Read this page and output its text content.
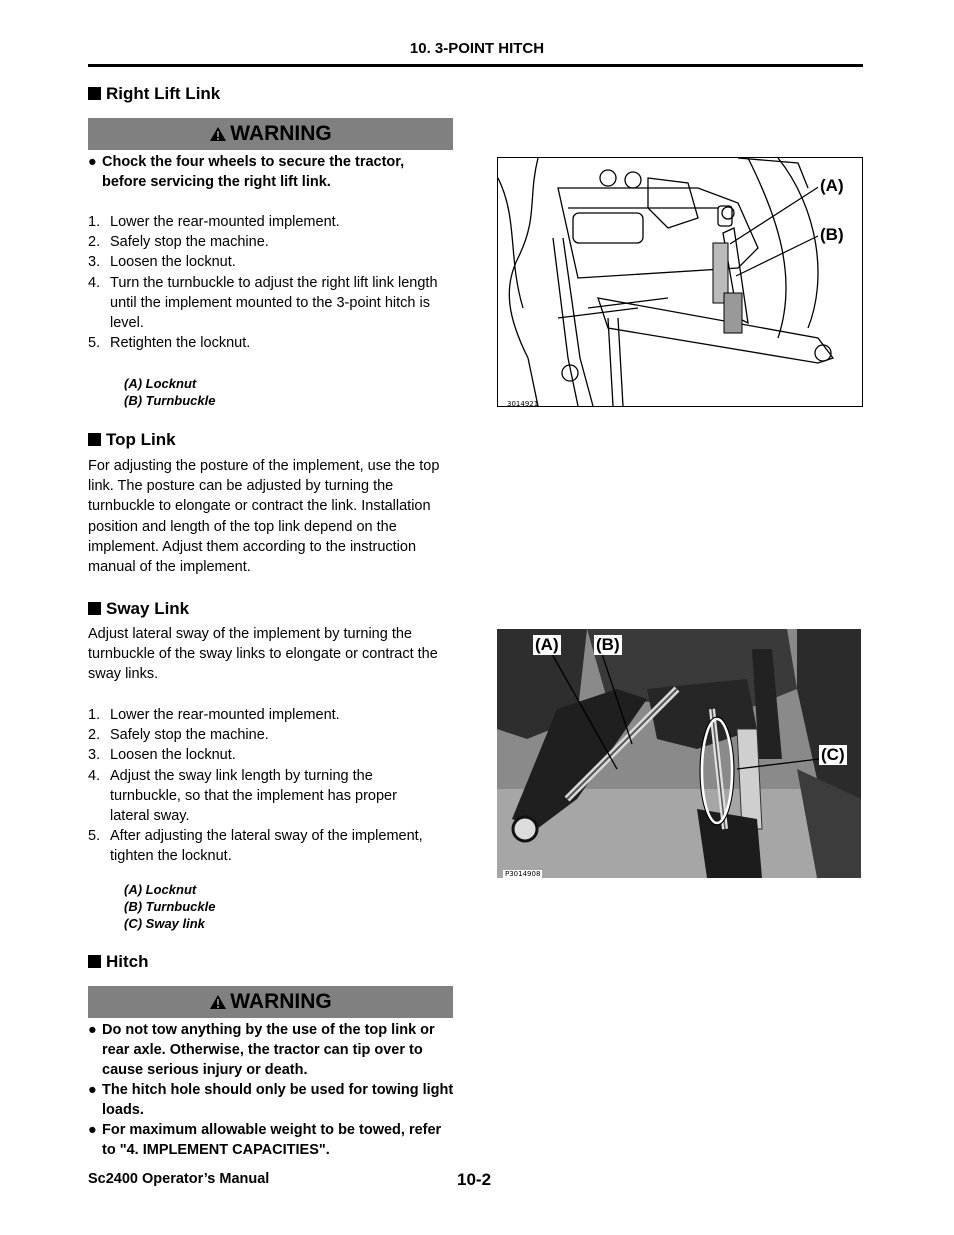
10. 3-POINT HITCH
Right Lift Link
WARNING
● Chock the four wheels to secure the tractor, before servicing the right lift link.
1. Lower the rear-mounted implement.
2. Safely stop the machine.
3. Loosen the locknut.
4. Turn the turnbuckle to adjust the right lift link length until the implement mounted to the 3-point hitch is level.
5. Retighten the locknut.
(A) Locknut
(B) Turnbuckle
(A)
(B)
3014921
Top Link
For adjusting the posture of the implement, use the top link. The posture can be adjusted by turning the turnbuckle to elongate or contract the link. Installation position and length of the top link depend on the implement. Adjust them according to the instruction manual of the implement.
Sway Link
Adjust lateral sway of the implement by turning the turnbuckle of the sway links to elongate or contract the sway links.
1. Lower the rear-mounted implement.
2. Safely stop the machine.
3. Loosen the locknut.
4. Adjust the sway link length by turning the turnbuckle, so that the implement has proper lateral sway.
5. After adjusting the lateral sway of the implement, tighten the locknut.
(A) Locknut
(B) Turnbuckle
(C) Sway link
(A) (B)
(C)
P3014908
Hitch
WARNING
● Do not tow anything by the use of the top link or rear axle. Otherwise, the tractor can tip over to cause serious injury or death.
● The hitch hole should only be used for towing light loads.
● For maximum allowable weight to be towed, refer to "4. IMPLEMENT CAPACITIES".
Sc2400 Operator’s Manual	10-2
